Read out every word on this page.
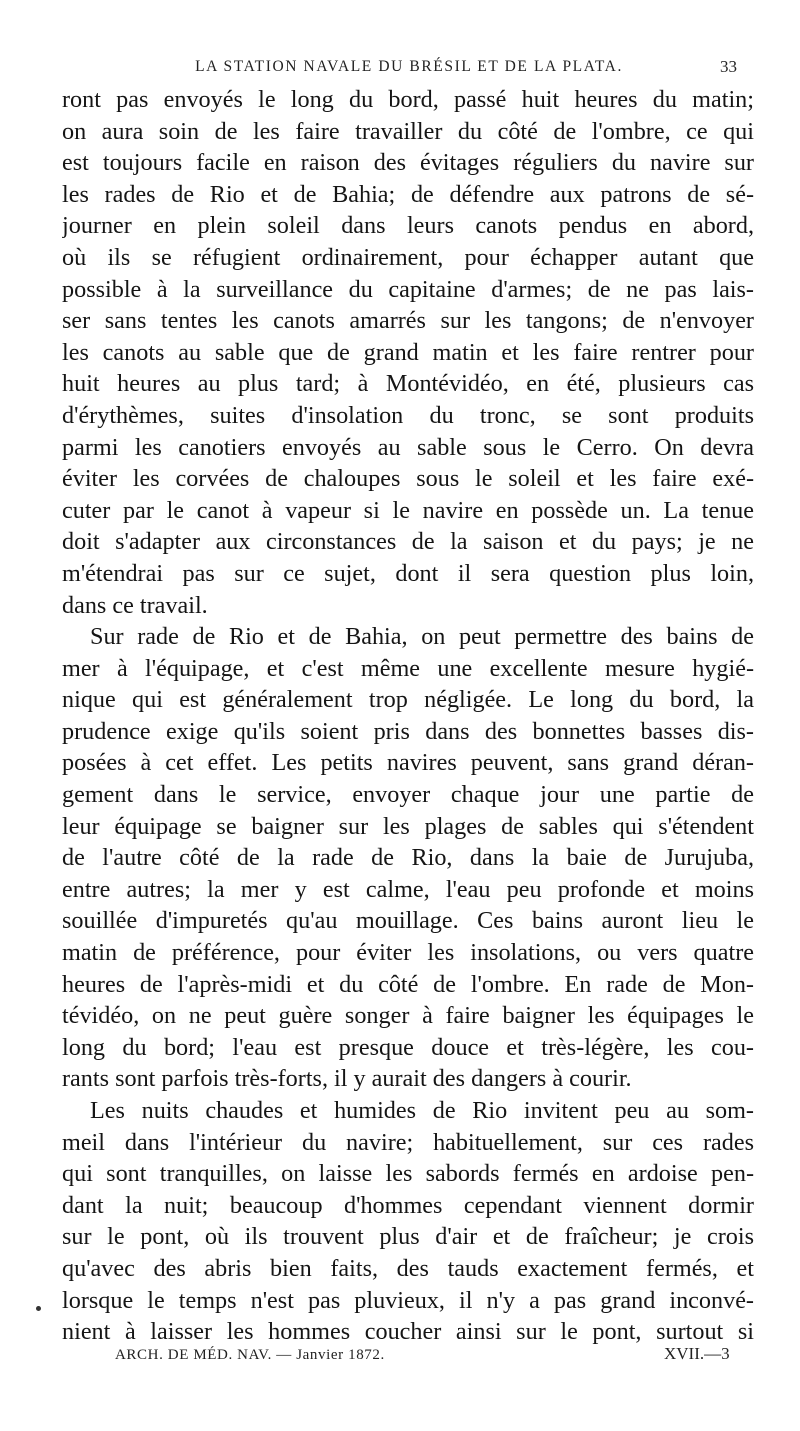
LA STATION NAVALE DU BRÉSIL ET DE LA PLATA.	33
ront pas envoyés le long du bord, passé huit heures du matin;
on aura soin de les faire travailler du côté de l'ombre, ce qui
est toujours facile en raison des évitages réguliers du navire sur
les rades de Rio et de Bahia; de défendre aux patrons de sé-
journer en plein soleil dans leurs canots pendus en abord,
où ils se réfugient ordinairement, pour échapper autant que
possible à la surveillance du capitaine d'armes; de ne pas lais-
ser sans tentes les canots amarrés sur les tangons; de n'envoyer
les canots au sable que de grand matin et les faire rentrer pour
huit heures au plus tard; à Montévidéo, en été, plusieurs cas
d'érythèmes, suites d'insolation du tronc, se sont produits
parmi les canotiers envoyés au sable sous le Cerro. On devra
éviter les corvées de chaloupes sous le soleil et les faire exé-
cuter par le canot à vapeur si le navire en possède un. La tenue
doit s'adapter aux circonstances de la saison et du pays; je ne
m'étendrai pas sur ce sujet, dont il sera question plus loin,
dans ce travail.
Sur rade de Rio et de Bahia, on peut permettre des bains de
mer à l'équipage, et c'est même une excellente mesure hygié-
nique qui est généralement trop négligée. Le long du bord, la
prudence exige qu'ils soient pris dans des bonnettes basses dis-
posées à cet effet. Les petits navires peuvent, sans grand déran-
gement dans le service, envoyer chaque jour une partie de
leur équipage se baigner sur les plages de sables qui s'étendent
de l'autre côté de la rade de Rio, dans la baie de Jurujuba,
entre autres; la mer y est calme, l'eau peu profonde et moins
souillée d'impuretés qu'au mouillage. Ces bains auront lieu le
matin de préférence, pour éviter les insolations, ou vers quatre
heures de l'après-midi et du côté de l'ombre. En rade de Mon-
tévidéo, on ne peut guère songer à faire baigner les équipages le
long du bord; l'eau est presque douce et très-légère, les cou-
rants sont parfois très-forts, il y aurait des dangers à courir.
Les nuits chaudes et humides de Rio invitent peu au som-
meil dans l'intérieur du navire; habituellement, sur ces rades
qui sont tranquilles, on laisse les sabords fermés en ardoise pen-
dant la nuit; beaucoup d'hommes cependant viennent dormir
sur le pont, où ils trouvent plus d'air et de fraîcheur; je crois
qu'avec des abris bien faits, des tauds exactement fermés, et
lorsque le temps n'est pas pluvieux, il n'y a pas grand inconvé-
nient à laisser les hommes coucher ainsi sur le pont, surtout si
ARCH. DE MÉD. NAV. — Janvier 1872.	XVII.—3
